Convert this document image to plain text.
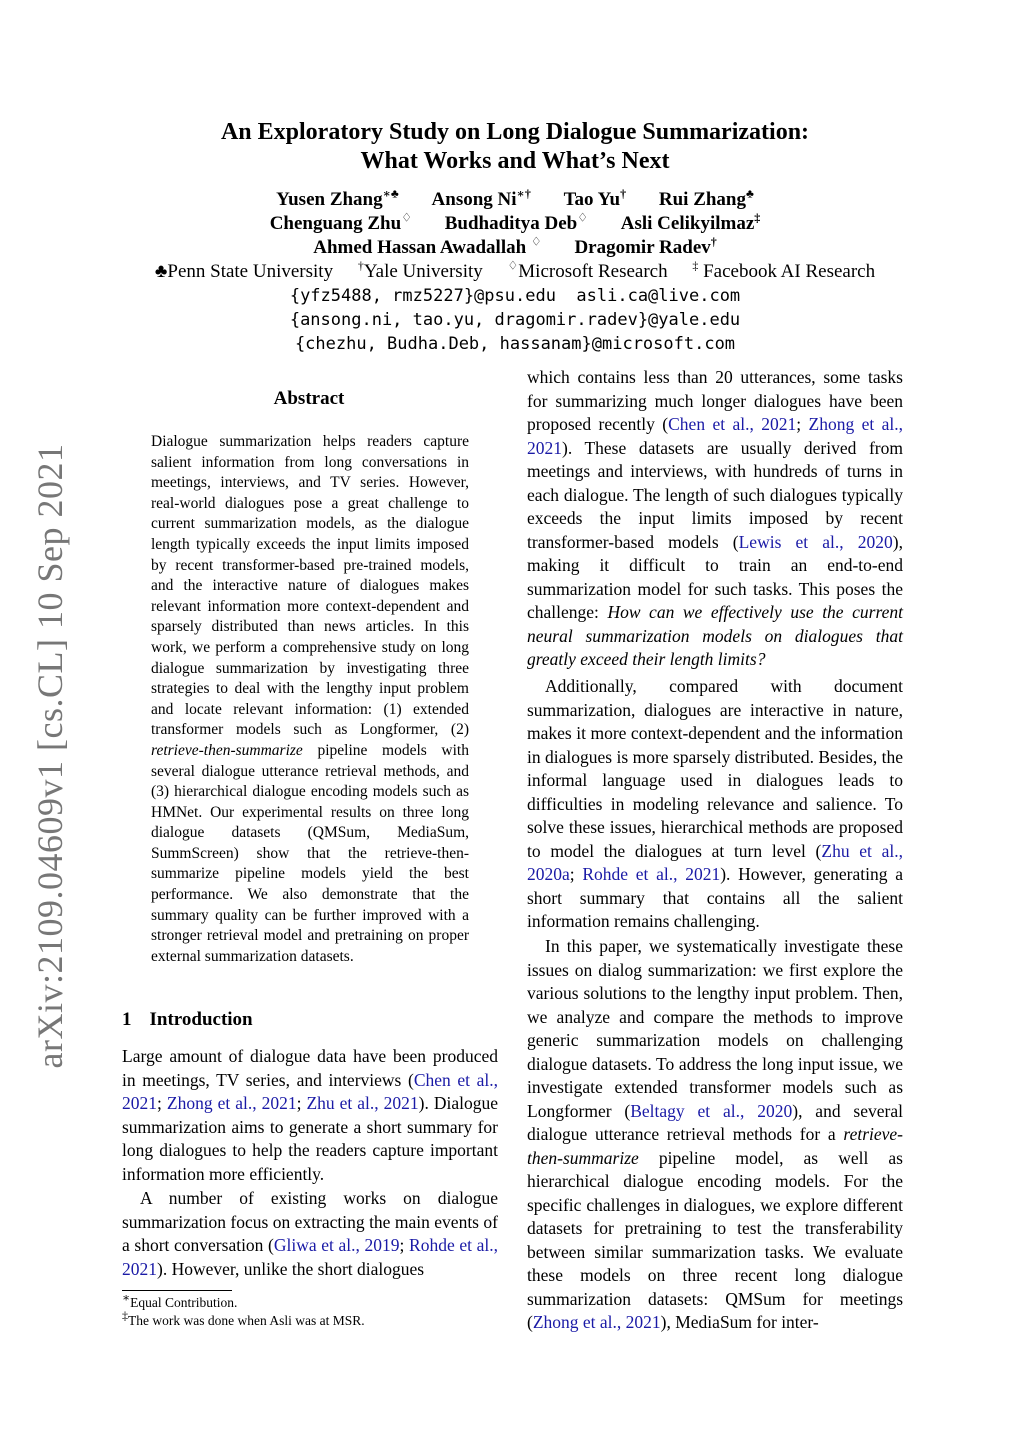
arXiv:2109.04609v1 [cs.CL] 10 Sep 2021
An Exploratory Study on Long Dialogue Summarization:
What Works and What’s Next
Yusen Zhang∗♣ Ansong Ni∗† Tao Yu† Rui Zhang♣
Chenguang Zhu♢ Budhaditya Deb♢ Asli Celikyilmaz‡
Ahmed Hassan Awadallah ♢ Dragomir Radev†
♣Penn State University †Yale University ♢Microsoft Research ‡ Facebook AI Research
{yfz5488, rmz5227}@psu.edu  asli.ca@live.com
{ansong.ni, tao.yu, dragomir.radev}@yale.edu
{chezhu, Budha.Deb, hassanam}@microsoft.com
Abstract
Dialogue summarization helps readers capture salient information from long conversations in meetings, interviews, and TV series. However, real-world dialogues pose a great challenge to current summarization models, as the dialogue length typically exceeds the input limits imposed by recent transformer-based pre-trained models, and the interactive nature of dialogues makes relevant information more context-dependent and sparsely distributed than news articles. In this work, we perform a comprehensive study on long dialogue summarization by investigating three strategies to deal with the lengthy input problem and locate relevant information: (1) extended transformer models such as Longformer, (2) retrieve-then-summarize pipeline models with several dialogue utterance retrieval methods, and (3) hierarchical dialogue encoding models such as HMNet. Our experimental results on three long dialogue datasets (QMSum, MediaSum, SummScreen) show that the retrieve-then-summarize pipeline models yield the best performance. We also demonstrate that the summary quality can be further improved with a stronger retrieval model and pretraining on proper external summarization datasets.
1 Introduction
Large amount of dialogue data have been produced in meetings, TV series, and interviews (Chen et al., 2021; Zhong et al., 2021; Zhu et al., 2021). Dialogue summarization aims to generate a short summary for long dialogues to help the readers capture important information more efficiently.
A number of existing works on dialogue summarization focus on extracting the main events of a short conversation (Gliwa et al., 2019; Rohde et al., 2021). However, unlike the short dialogues
∗Equal Contribution.
‡The work was done when Asli was at MSR.
which contains less than 20 utterances, some tasks for summarizing much longer dialogues have been proposed recently (Chen et al., 2021; Zhong et al., 2021). These datasets are usually derived from meetings and interviews, with hundreds of turns in each dialogue. The length of such dialogues typically exceeds the input limits imposed by recent transformer-based models (Lewis et al., 2020), making it difficult to train an end-to-end summarization model for such tasks. This poses the challenge: How can we effectively use the current neural summarization models on dialogues that greatly exceed their length limits?
Additionally, compared with document summarization, dialogues are interactive in nature, makes it more context-dependent and the information in dialogues is more sparsely distributed. Besides, the informal language used in dialogues leads to difficulties in modeling relevance and salience. To solve these issues, hierarchical methods are proposed to model the dialogues at turn level (Zhu et al., 2020a; Rohde et al., 2021). However, generating a short summary that contains all the salient information remains challenging.
In this paper, we systematically investigate these issues on dialog summarization: we first explore the various solutions to the lengthy input problem. Then, we analyze and compare the methods to improve generic summarization models on challenging dialogue datasets. To address the long input issue, we investigate extended transformer models such as Longformer (Beltagy et al., 2020), and several dialogue utterance retrieval methods for a retrieve-then-summarize pipeline model, as well as hierarchical dialogue encoding models. For the specific challenges in dialogues, we explore different datasets for pretraining to test the transferability between similar summarization tasks. We evaluate these models on three recent long dialogue summarization datasets: QMSum for meetings (Zhong et al., 2021), MediaSum for inter-
